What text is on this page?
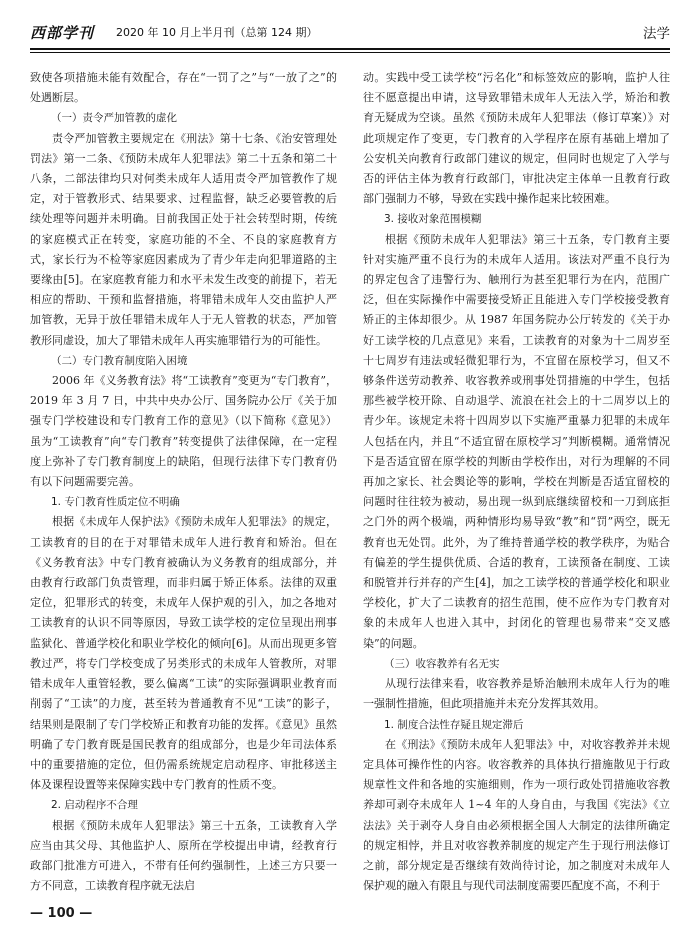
西部学刊 2020 年 10 月上半月刊（总第 124 期）	法学

致使各项措施未能有效配合，存在“一罚了之”与“一放了之”的处遇断层。

（一）责令严加管教的虚化

责令严加管教主要规定在《刑法》第十七条、《治安管理处罚法》第一二条、《预防未成年人犯罪法》第二十五条和第二十八条，二部法律均只对何类未成年人适用责令严加管教作了规定，对于管教形式、结果要求、过程监督，缺乏必要管教的后续处理等问题并未明确。目前我国正处于社会转型时期，传统的家庭模式正在转变，家庭功能的不全、不良的家庭教育方式，家长行为不检等家庭因素成为了青少年走向犯罪道路的主要缘由[5]。在家庭教育能力和水平未发生改变的前提下，若无相应的帮助、干预和监督措施，将罪错未成年人交由监护人严加管教，无异于放任罪错未成年人于无人管教的状态，严加管教形同虚设，加大了罪错未成年人再实施罪错行为的可能性。

（二）专门教育制度陷入困境

2006 年《义务教育法》将“工读教育”变更为“专门教育”，2019 年 3 月 7 日，中共中央办公厅、国务院办公厅《关于加强专门学校建设和专门教育工作的意见》（以下简称《意见》）虽为“工读教育”向“专门教育”转变提供了法律保障，在一定程度上弥补了专门教育制度上的缺陷，但现行法律下专门教育仍有以下问题需要完善。

1. 专门教育性质定位不明确

根据《未成年人保护法》《预防未成年人犯罪法》的规定，工读教育的目的在于对罪错未成年人进行教育和矫治。但在《义务教育法》中专门教育被确认为义务教育的组成部分，并由教育行政部门负责管理，而非归属于矫正体系。法律的双重定位，犯罪形式的转变，未成年人保护观的引入，加之各地对工读教育的认识不同等原因，导致工读学校的定位呈现出刑事监狱化、普通学校化和职业学校化的倾向[6]。从而出现更多管教过严，将专门学校变成了另类形式的未成年人管教所，对罪错未成年人重管轻教，要么偏离“工读”的实际强调职业教育而削弱了“工读”的力度，甚至转为普通教育不见“工读”的影子，结果则是限制了专门学校矫正和教育功能的发挥。《意见》虽然明确了专门教育既是国民教育的组成部分，也是少年司法体系中的重要措施的定位，但仍需系统规定启动程序、审批移送主体及课程设置等来保障实践中专门教育的性质不变。

2. 启动程序不合理

根据《预防未成年人犯罪法》第三十五条，工读教育入学应当由其父母、其他监护人、原所在学校提出申请，经教育行政部门批准方可进入，不带有任何约强制性，上述三方只要一方不同意，工读教育程序就无法启

动。实践中受工读学校“污名化”和标签效应的影响，监护人往往不愿意提出申请，这导致罪错未成年人无法入学，矫治和教育无疑成为空谈。虽然《预防未成年人犯罪法（修订草案）》对此项规定作了变更，专门教育的入学程序在原有基础上增加了公安机关向教育行政部门建议的规定，但同时也规定了入学与否的评估主体为教育行政部门，审批决定主体单一且教育行政部门强制力不够，导致在实践中操作起来比较困难。

3. 接收对象范围模糊

根据《预防未成年人犯罪法》第三十五条，专门教育主要针对实施严重不良行为的未成年人适用。该法对严重不良行为的界定包含了违警行为、触刑行为甚至犯罪行为在内，范围广泛，但在实际操作中需要接受矫正且能进入专门学校接受教育矫正的主体却很少。从 1987 年国务院办公厅转发的《关于办好工读学校的几点意见》来看，工读教育的对象为十二周岁至十七周岁有违法或轻微犯罪行为，不宜留在原校学习，但又不够条件送劳动教养、收容教养或刑事处罚措施的中学生，包括那些被学校开除、自动退学、流浪在社会上的十二周岁以上的青少年。该规定未将十四周岁以下实施严重暴力犯罪的未成年人包括在内，并且“不适宜留在原校学习”判断模糊。通常情况下是否适宜留在原学校的判断由学校作出，对行为理解的不同再加之家长、社会舆论等的影响，学校在判断是否适宜留校的问题时往往较为被动，易出现一纵到底继续留校和一刀到底拒之门外的两个极端，两种情形均易导致“教”和“罚”两空，既无教育也无处罚。此外，为了维持普通学校的教学秩序，为贴合有偏差的学生提供优质、合适的教育，工读预备在制度、工读和脱管并行并存的产生[4]，加之工读学校的普通学校化和职业学校化，扩大了二读教育的招生范围，使不应作为专门教育对象的未成年人也进入其中，封闭化的管理也易带来“交叉感染”的问题。

（三）收容教养有名无实

从现行法律来看，收容教养是矫治触刑未成年人行为的唯一强制性措施，但此项措施并未充分发挥其效用。

1. 制度合法性存疑且规定滞后

在《刑法》《预防未成年人犯罪法》中，对收容教养并未规定具体可操作性的内容。收容教养的具体执行措施散见于行政规章性文件和各地的实施细则，作为一项行政处罚措施收容教养却可剥夺未成年人 1~4 年的人身自由，与我国《宪法》《立法法》关于剥夺人身自由必须根据全国人大制定的法律所确定的规定相悖，并且对收容教养制度的规定产生于现行刑法修订之前，部分规定是否继续有效尚待讨论，加之制度对未成年人保护观的融入有限且与现代司法制度需要匹配度不高，不利于

— 100 —
